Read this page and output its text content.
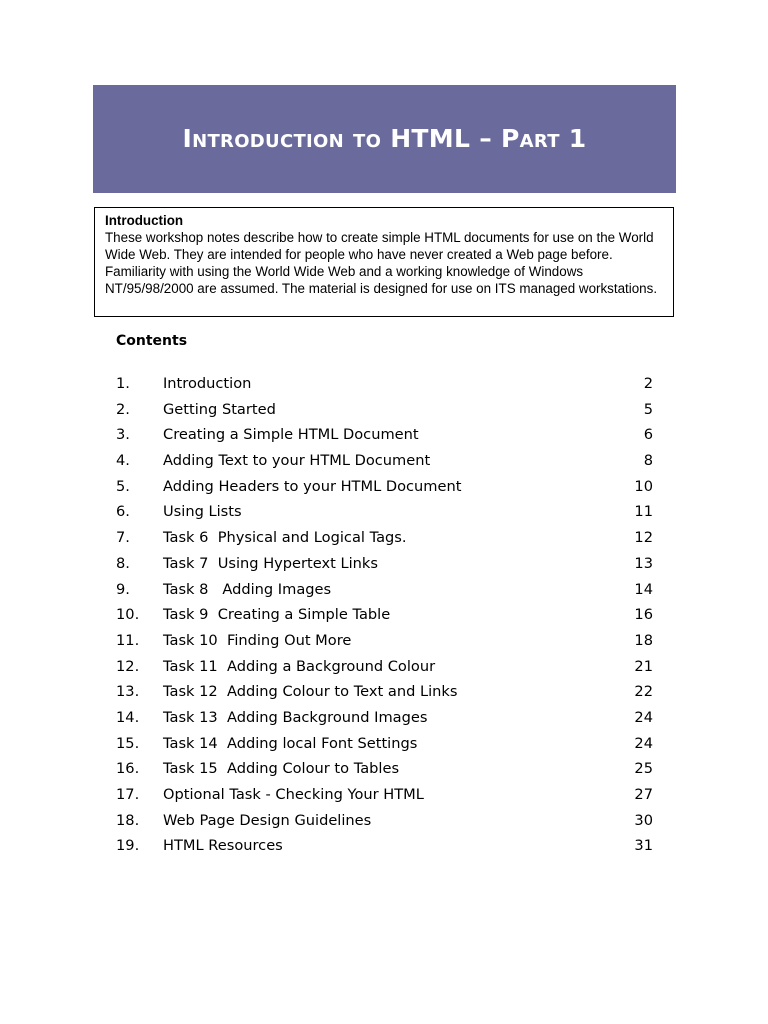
Introduction to HTML – Part 1
Introduction
These workshop notes describe how to create simple HTML documents for use on the World Wide Web. They are intended for people who have never created a Web page before. Familiarity with using the World Wide Web and a working knowledge of Windows NT/95/98/2000 are assumed. The material is designed for use on ITS managed workstations.
Contents
1. Introduction	2
2. Getting Started	5
3. Creating a Simple HTML Document	6
4. Adding Text to your HTML Document	8
5. Adding Headers to your HTML Document	10
6. Using Lists	11
7. Task 6  Physical and Logical Tags.	12
8. Task 7  Using Hypertext Links	13
9. Task 8   Adding Images	14
10. Task 9  Creating a Simple Table	16
11. Task 10  Finding Out More	18
12. Task 11  Adding a Background Colour	21
13. Task 12  Adding Colour to Text and Links	22
14. Task 13  Adding Background Images	24
15. Task 14  Adding local Font Settings	24
16. Task 15  Adding Colour to Tables	25
17. Optional Task - Checking Your HTML	27
18. Web Page Design Guidelines	30
19. HTML Resources	31
